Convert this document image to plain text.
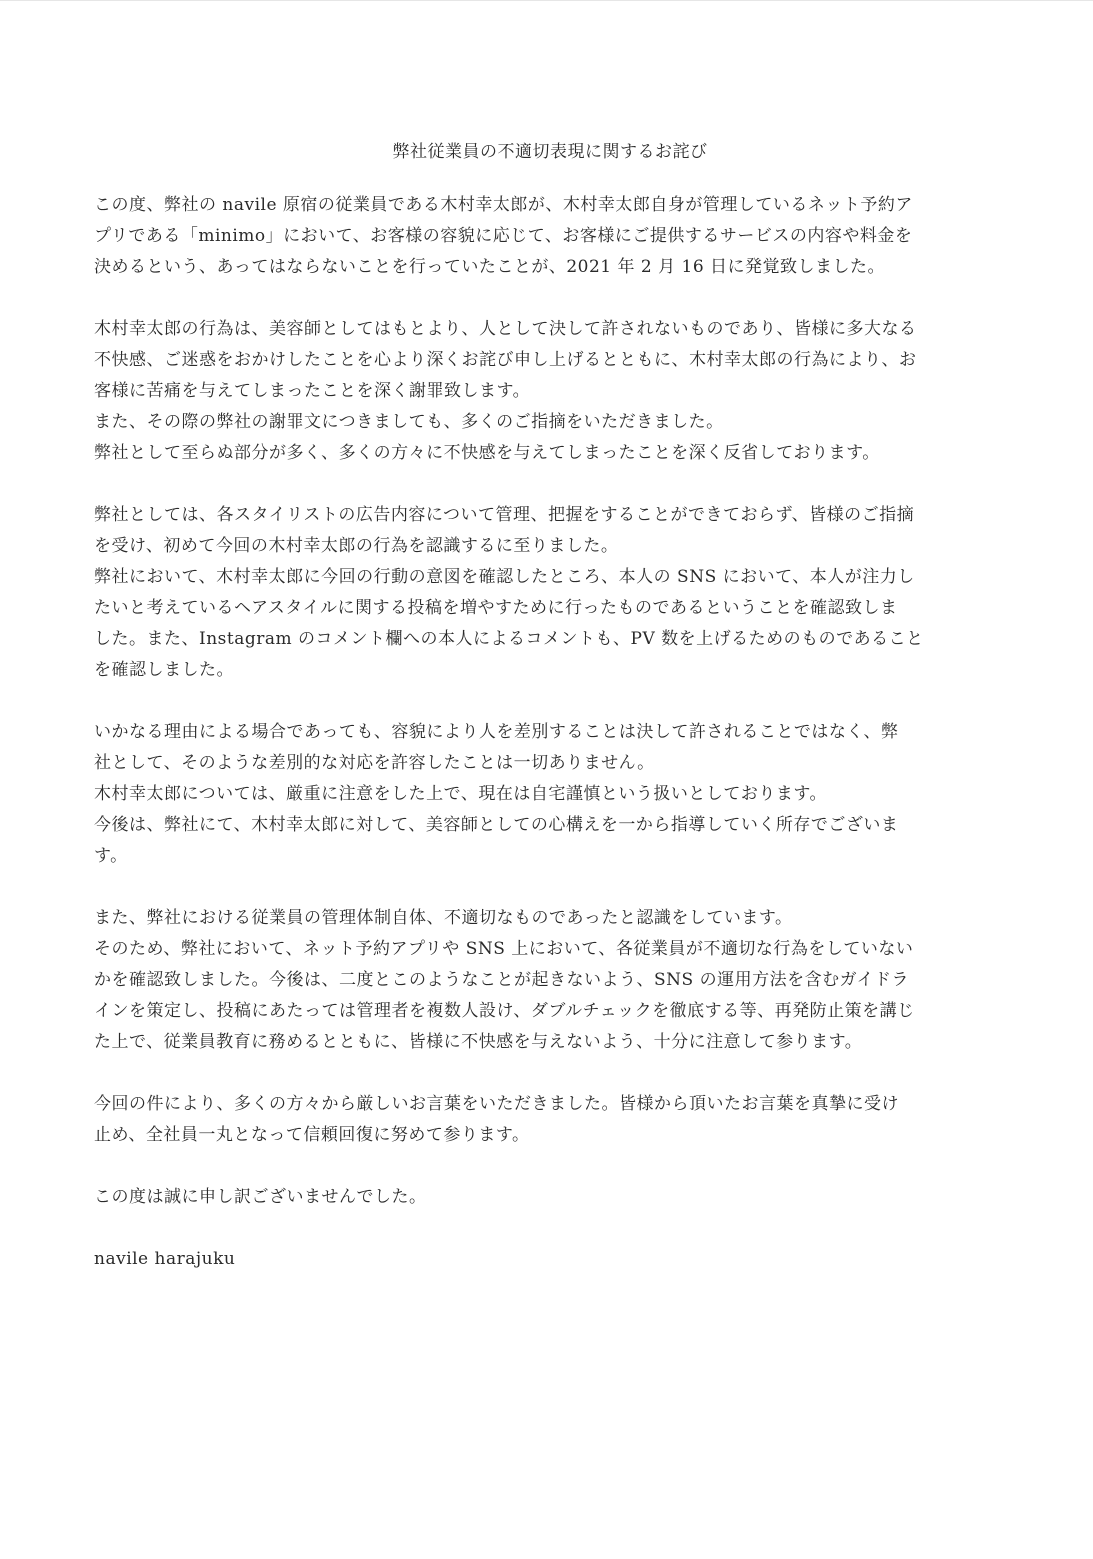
弊社従業員の不適切表現に関するお詫び
この度、弊社の navile 原宿の従業員である木村幸太郎が、木村幸太郎自身が管理しているネット予約ア
プリである「minimo」において、お客様の容貌に応じて、お客様にご提供するサービスの内容や料金を
決めるという、あってはならないことを行っていたことが、2021 年 2 月 16 日に発覚致しました。
木村幸太郎の行為は、美容師としてはもとより、人として決して許されないものであり、皆様に多大なる
不快感、ご迷惑をおかけしたことを心より深くお詫び申し上げるとともに、木村幸太郎の行為により、お
客様に苦痛を与えてしまったことを深く謝罪致します。
また、その際の弊社の謝罪文につきましても、多くのご指摘をいただきました。
弊社として至らぬ部分が多く、多くの方々に不快感を与えてしまったことを深く反省しております。
弊社としては、各スタイリストの広告内容について管理、把握をすることができておらず、皆様のご指摘
を受け、初めて今回の木村幸太郎の行為を認識するに至りました。
弊社において、木村幸太郎に今回の行動の意図を確認したところ、本人の SNS において、本人が注力し
たいと考えているヘアスタイルに関する投稿を増やすために行ったものであるということを確認致しま
した。また、Instagram のコメント欄への本人によるコメントも、PV 数を上げるためのものであること
を確認しました。
いかなる理由による場合であっても、容貌により人を差別することは決して許されることではなく、弊
社として、そのような差別的な対応を許容したことは一切ありません。
木村幸太郎については、厳重に注意をした上で、現在は自宅謹慎という扱いとしております。
今後は、弊社にて、木村幸太郎に対して、美容師としての心構えを一から指導していく所存でございま
す。
また、弊社における従業員の管理体制自体、不適切なものであったと認識をしています。
そのため、弊社において、ネット予約アプリや SNS 上において、各従業員が不適切な行為をしていない
かを確認致しました。今後は、二度とこのようなことが起きないよう、SNS の運用方法を含むガイドラ
インを策定し、投稿にあたっては管理者を複数人設け、ダブルチェックを徹底する等、再発防止策を講じ
た上で、従業員教育に務めるとともに、皆様に不快感を与えないよう、十分に注意して参ります。
今回の件により、多くの方々から厳しいお言葉をいただきました。皆様から頂いたお言葉を真摯に受け
止め、全社員一丸となって信頼回復に努めて参ります。
この度は誠に申し訳ございませんでした。
navile harajuku
